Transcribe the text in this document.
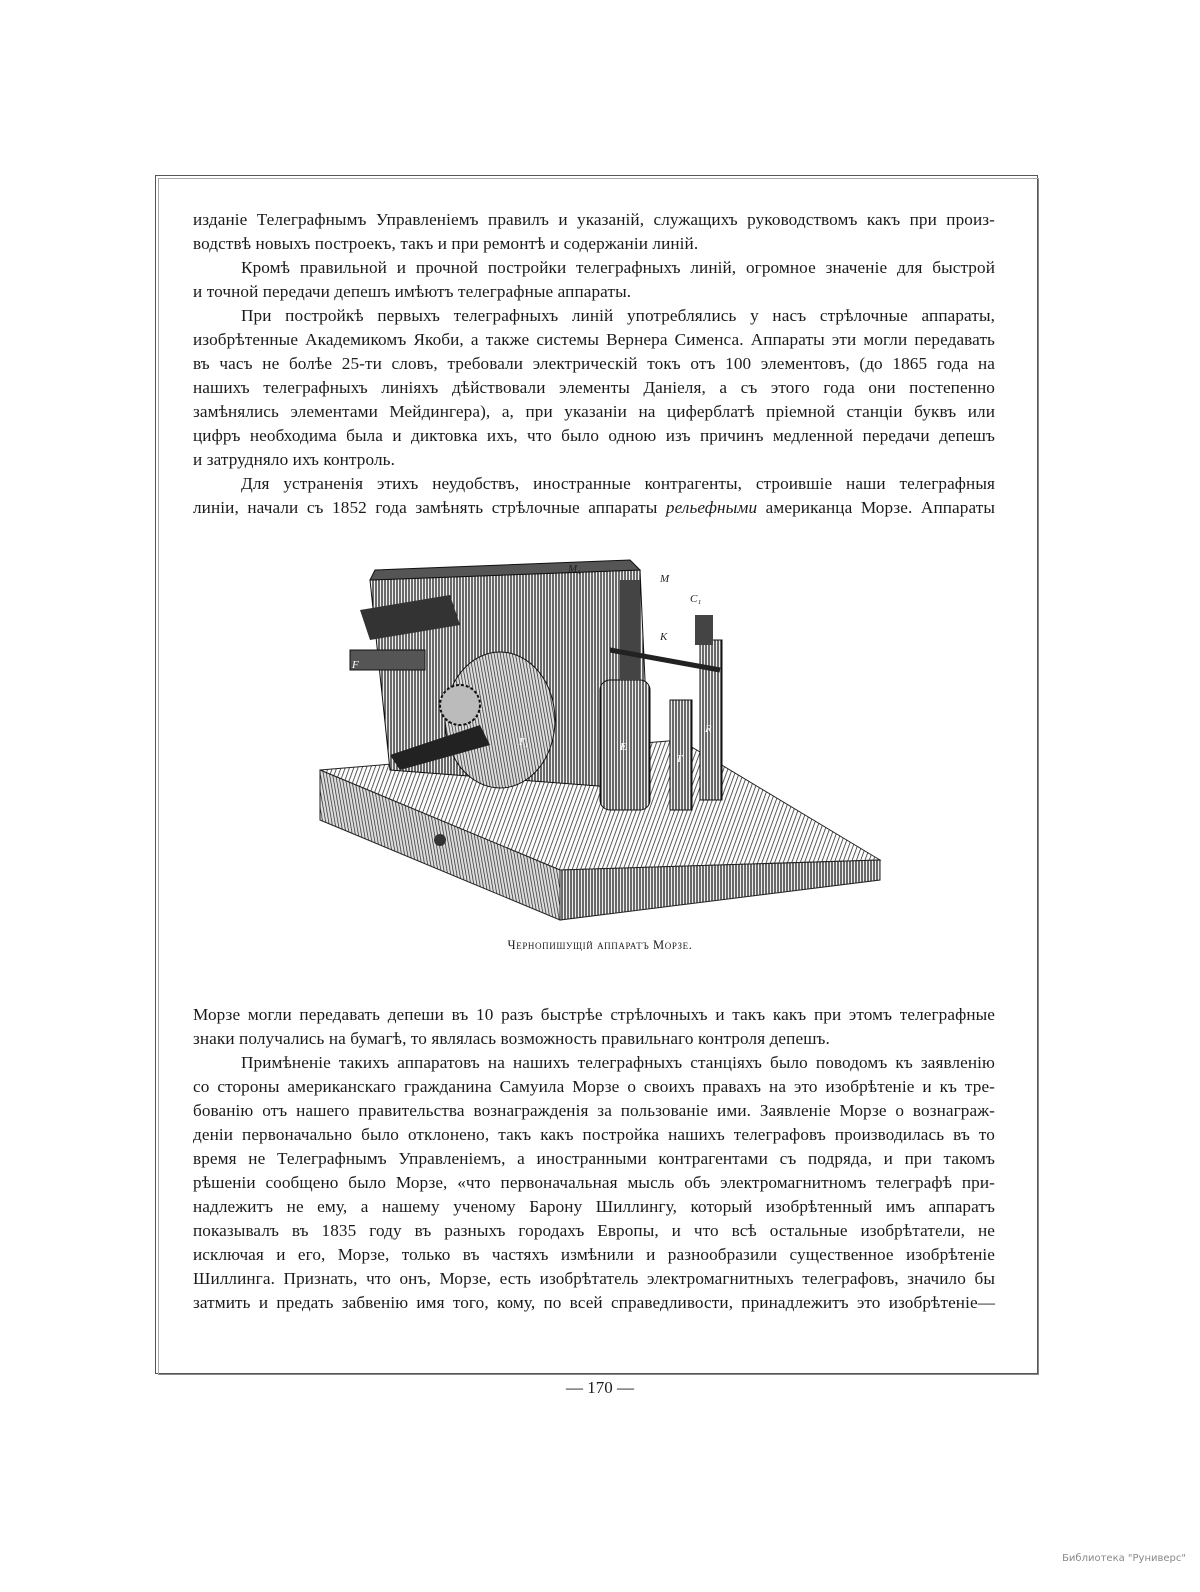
изданіе Телеграфнымъ Управленіемъ правилъ и указаній, служащихъ руководствомъ какъ при произ-
водствѣ новыхъ построекъ, такъ и при ремонтѣ и содержаніи линій.
Кромѣ правильной и прочной постройки телеграфныхъ линій, огромное значеніе для быстрой
и точной передачи депешъ имѣютъ телеграфные аппараты.
При постройкѣ первыхъ телеграфныхъ линій употреблялись у насъ стрѣлочные аппараты,
изобрѣтенные Академикомъ Якоби, а также системы Вернера Сименса. Аппараты эти могли передавать
въ часъ не болѣе 25-ти словъ, требовали электрическій токъ отъ 100 элементовъ, (до 1865 года на
нашихъ телеграфныхъ линіяхъ дѣйствовали элементы Даніеля, а съ этого года они постепенно
замѣнялись элементами Мейдингера), а, при указаніи на циферблатѣ пріемной станціи буквъ или
цифръ необходима была и диктовка ихъ, что было одною изъ причинъ медленной передачи депешъ
и затрудняло ихъ контроль.
Для устраненія этихъ неудобствъ, иностранные контрагенты, строившіе наши телеграфныя
линіи, начали съ 1852 года замѣнять стрѣлочные аппараты рельефными американца Морзе. Аппараты
M₁
M
C₁
K
F
G
T₁	E
T
R
Чернопишущій аппаратъ Морзе.
Морзе могли передавать депеши въ 10 разъ быстрѣе стрѣлочныхъ и такъ какъ при этомъ телеграфные
знаки получались на бумагѣ, то являлась возможность правильнаго контроля депешъ.
Примѣненіе такихъ аппаратовъ на нашихъ телеграфныхъ станціяхъ было поводомъ къ заявленію
со стороны американскаго гражданина Самуила Морзе о своихъ правахъ на это изобрѣтеніе и къ тре-
бованію отъ нашего правительства вознагражденія за пользованіе ими. Заявленіе Морзе о вознаграж-
деніи первоначально было отклонено, такъ какъ постройка нашихъ телеграфовъ производилась въ то
время не Телеграфнымъ Управленіемъ, а иностранными контрагентами съ подряда, и при такомъ
рѣшеніи сообщено было Морзе, «что первоначальная мысль объ электромагнитномъ телеграфѣ при-
надлежитъ не ему, а нашему ученому Барону Шиллингу, который изобрѣтенный имъ аппаратъ
показывалъ въ 1835 году въ разныхъ городахъ Европы, и что всѣ остальные изобрѣтатели, не
исключая и его, Морзе, только въ частяхъ измѣнили и разнообразили существенное изобрѣтеніе
Шиллинга. Признать, что онъ, Морзе, есть изобрѣтатель электромагнитныхъ телеграфовъ, значило бы
затмить и предать забвенію имя того, кому, по всей справедливости, принадлежитъ это изобрѣтеніе—
— 170 —
Библиотека "Руниверс"
